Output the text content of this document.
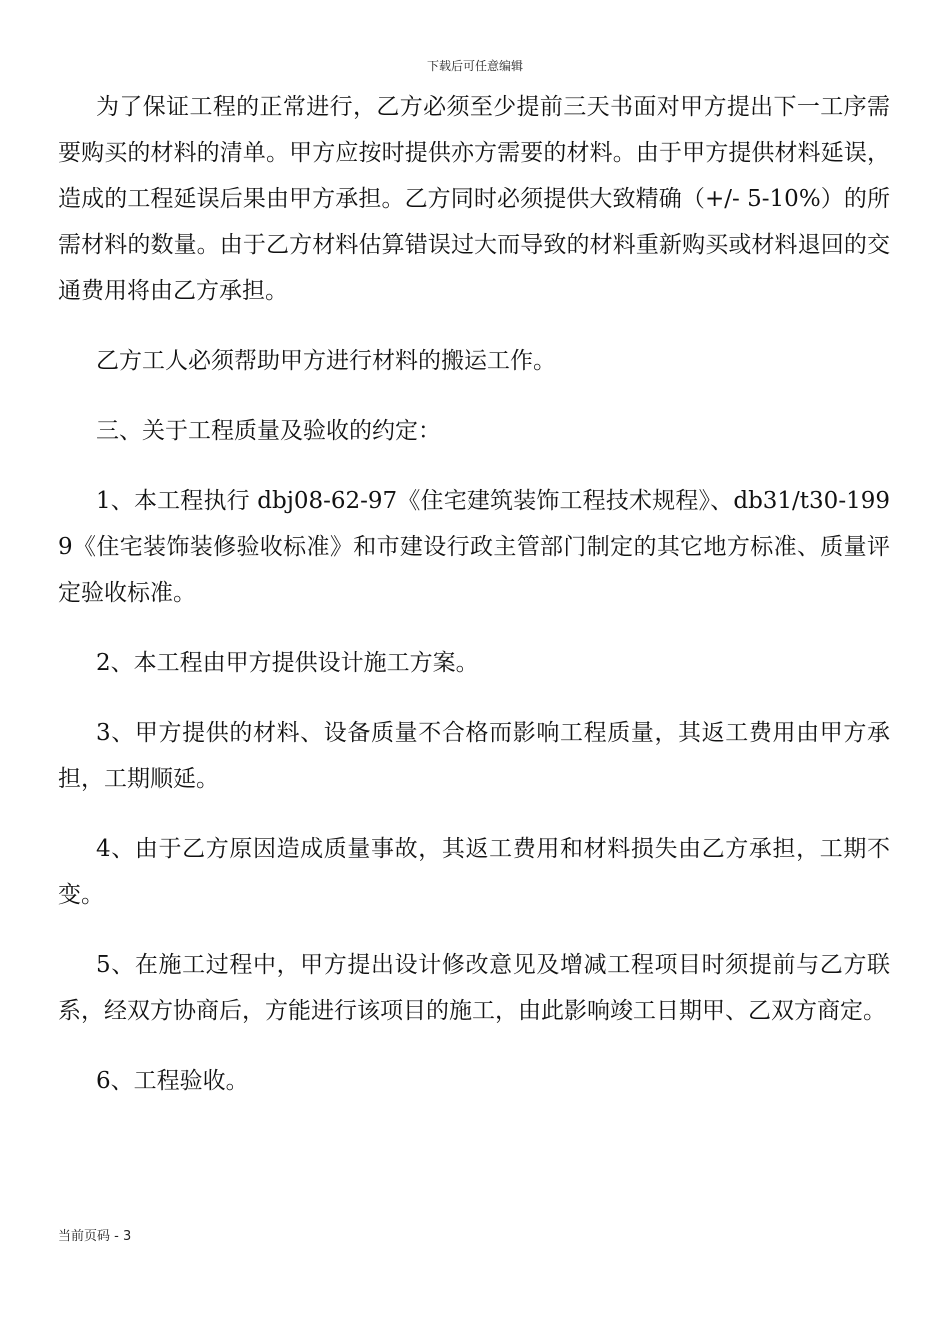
下载后可任意编辑

为了保证工程的正常进行，乙方必须至少提前三天书面对甲方提出下一工序需要购买的材料的清单。甲方应按时提供亦方需要的材料。由于甲方提供材料延误，造成的工程延误后果由甲方承担。乙方同时必须提供大致精确（+/- 5-10%）的所需材料的数量。由于乙方材料估算错误过大而导致的材料重新购买或材料退回的交通费用将由乙方承担。

乙方工人必须帮助甲方进行材料的搬运工作。

三、关于工程质量及验收的约定：

1、本工程执行 dbj08-62-97《住宅建筑装饰工程技术规程》、db31/t30-1999《住宅装饰装修验收标准》和市建设行政主管部门制定的其它地方标准、质量评定验收标准。

2、本工程由甲方提供设计施工方案。

3、甲方提供的材料、设备质量不合格而影响工程质量，其返工费用由甲方承担，工期顺延。

4、由于乙方原因造成质量事故，其返工费用和材料损失由乙方承担，工期不变。

5、在施工过程中，甲方提出设计修改意见及增减工程项目时须提前与乙方联系，经双方协商后，方能进行该项目的施工，由此影响竣工日期甲、乙双方商定。

6、工程验收。

当前页码 - 3
